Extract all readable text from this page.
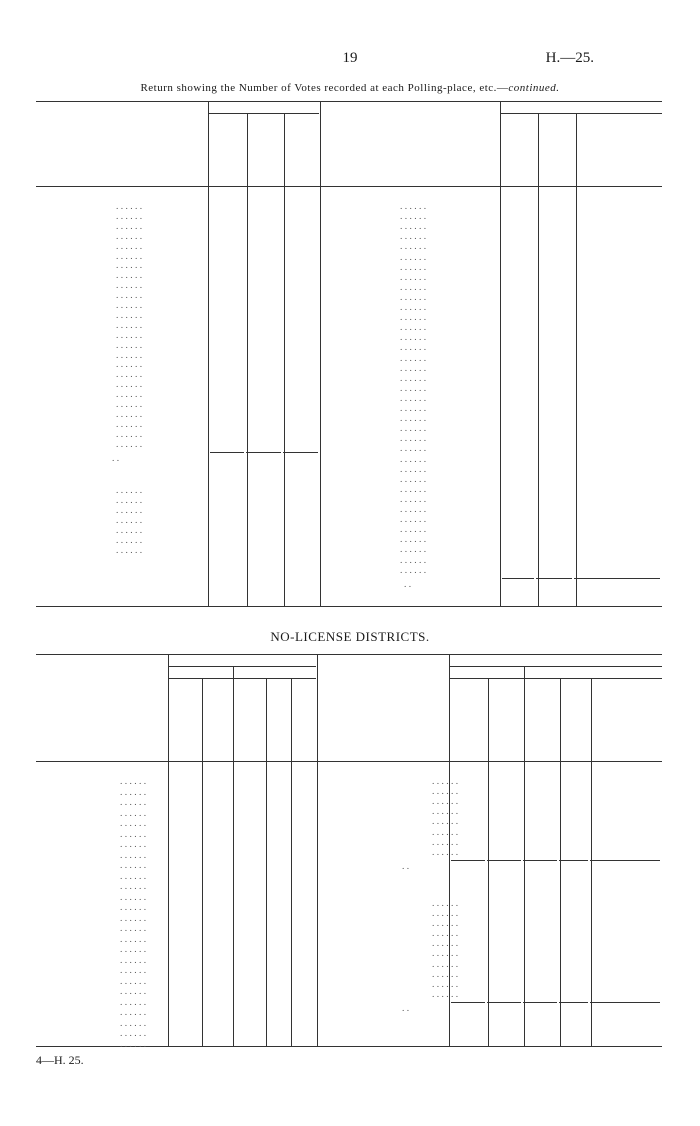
19	H.—25.
Return showing the Number of Votes recorded at each Polling-place, etc.—continued.
. . . . . .
. . . . . .
. . . . . .
. . . . . .
. . . . . .
. . . . . .
. . . . . .
. . . . . .
. . . . . .
. . . . . .
. . . . . .
. . . . . .
. . . . . .
. . . . . .
. . . . . .
. . . . . .
. . . . . .
. . . . . .
. . . . . .
. . . . . .
. . . . . .
. . . . . .
. . . . . .
. . . . . .
. . . . . .
. .
. . . . . .
. . . . . .
. . . . . .
. . . . . .
. . . . . .
. . . . . .
. . . . . .
. . . . . .
. . . . . .
. . . . . .
. . . . . .
. . . . . .
. . . . . .
. . . . . .
. . . . . .
. . . . . .
. . . . . .
. . . . . .
. . . . . .
. . . . . .
. . . . . .
. . . . . .
. . . . . .
. . . . . .
. . . . . .
. . . . . .
. . . . . .
. . . . . .
. . . . . .
. . . . . .
. . . . . .
. . . . . .
. . . . . .
. . . . . .
. . . . . .
. . . . . .
. . . . . .
. . . . . .
. . . . . .
. . . . . .
. . . . . .
. . . . . .
. . . . . .
. . . . . .
. .
NO-LICENSE DISTRICTS.
. . . . . .
. . . . . .
. . . . . .
. . . . . .
. . . . . .
. . . . . .
. . . . . .
. . . . . .
. . . . . .
. . . . . .
. . . . . .
. . . . . .
. . . . . .
. . . . . .
. . . . . .
. . . . . .
. . . . . .
. . . . . .
. . . . . .
. . . . . .
. . . . . .
. . . . . .
. . . . . .
. . . . . .
. . . . . .
. . . . . .
. . . . . .
. . . . . .
. . . . . .
. . . . . .
. . . . . .
. . . . . .
. . . . . .
. . . . . .
. .
. . . . . .
. . . . . .
. . . . . .
. . . . . .
. . . . . .
. . . . . .
. . . . . .
. . . . . .
. . . . . .
. . . . . .
. .
4—H. 25.
